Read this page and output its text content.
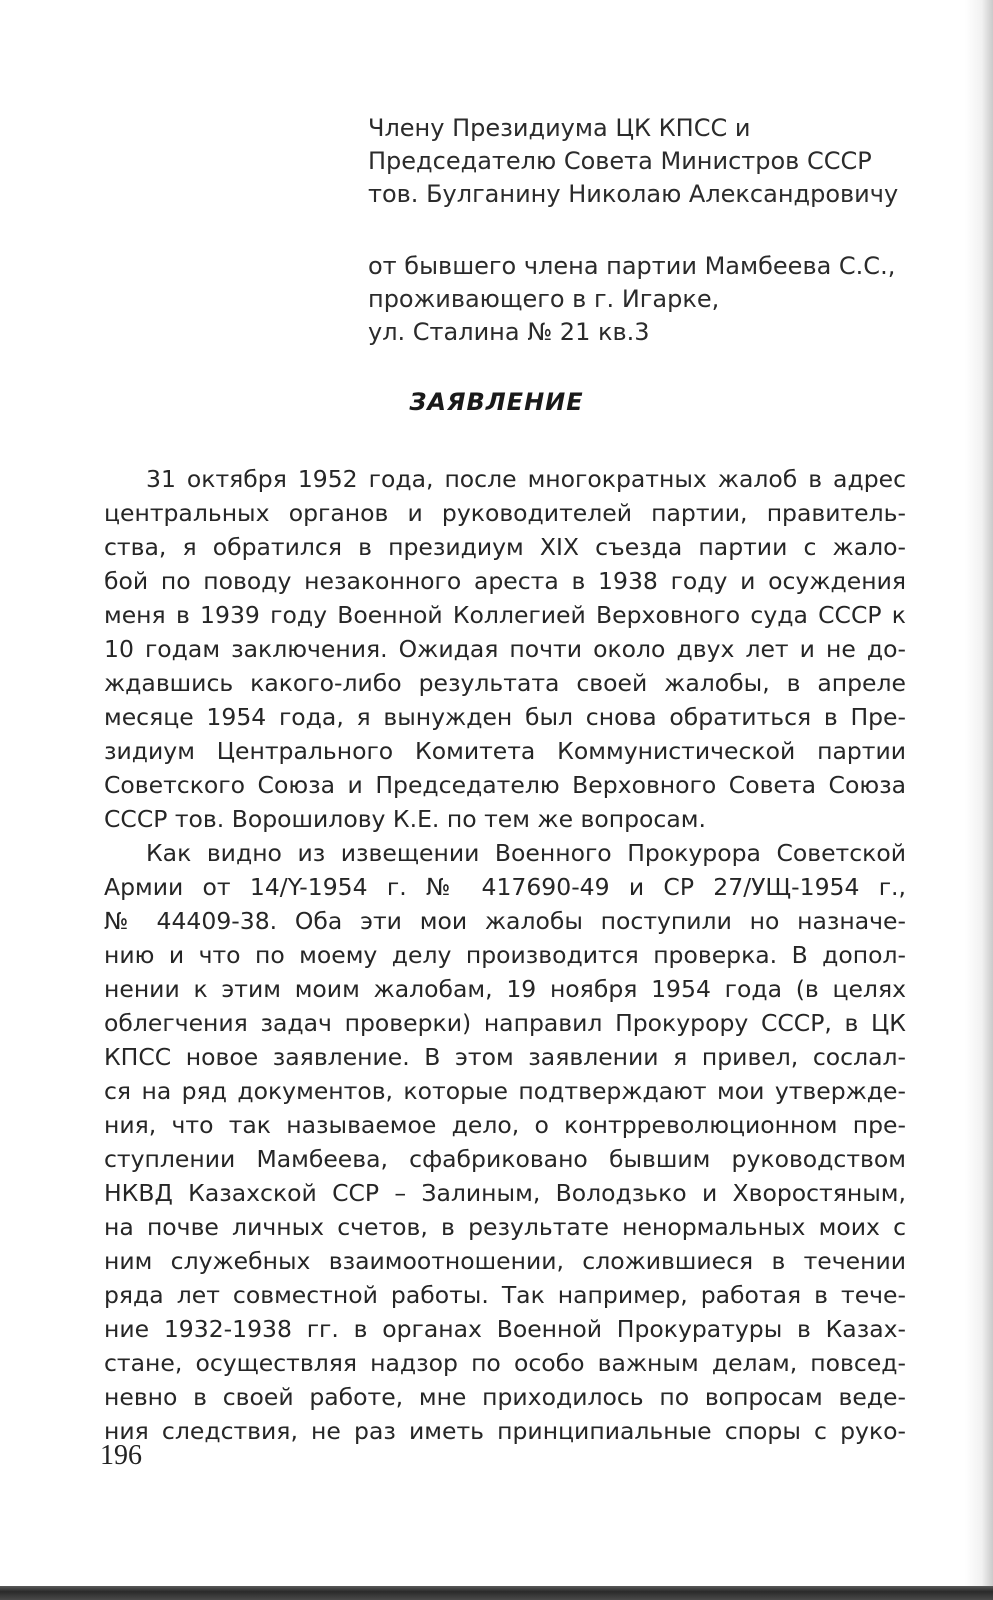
Члену Президиума ЦК КПСС и
Председателю Совета Министров СССР
тов. Булганину Николаю Александровичу
от бывшего члена партии Мамбеева С.С.,
проживающего в г. Игарке,
ул. Сталина № 21 кв.3
ЗАЯВЛЕНИЕ
31 октября 1952 года, после многократных жалоб в адрес
центральных органов и руководителей партии, правитель-
ства, я обратился в президиум XIX съезда партии с жало-
бой по поводу незаконного ареста в 1938 году и осуждения
меня в 1939 году Военной Коллегией Верховного суда СССР к
10 годам заключения. Ожидая почти около двух лет и не до-
ждавшись какого-либо результата своей жалобы, в апреле
месяце 1954 года, я вынужден был снова обратиться в Пре-
зидиум Центрального Комитета Коммунистической партии
Советского Союза и Председателю Верховного Совета Союза
СССР тов. Ворошилову К.Е. по тем же вопросам.
Как видно из извещении Военного Прокурора Советской
Армии от 14/Y-1954 г. № 417690-49 и СР 27/УЩ-1954 г.,
№ 44409-38. Оба эти мои жалобы поступили но назначе-
нию и что по моему делу производится проверка. В допол-
нении к этим моим жалобам, 19 ноября 1954 года (в целях
облегчения задач проверки) направил Прокурору СССР, в ЦК
КПСС новое заявление. В этом заявлении я привел, сослал-
ся на ряд документов, которые подтверждают мои утвержде-
ния, что так называемое дело, о контрреволюционном пре-
ступлении Мамбеева, сфабриковано бывшим руководством
НКВД Казахской ССР – Залиным, Володзько и Хворостяным,
на почве личных счетов, в результате ненормальных моих с
ним служебных взаимоотношении, сложившиеся в течении
ряда лет совместной работы. Так например, работая в тече-
ние 1932-1938 гг. в органах Военной Прокуратуры в Казах-
стане, осуществляя надзор по особо важным делам, повсед-
невно в своей работе, мне приходилось по вопросам веде-
ния следствия, не раз иметь принципиальные споры с руко-
196
